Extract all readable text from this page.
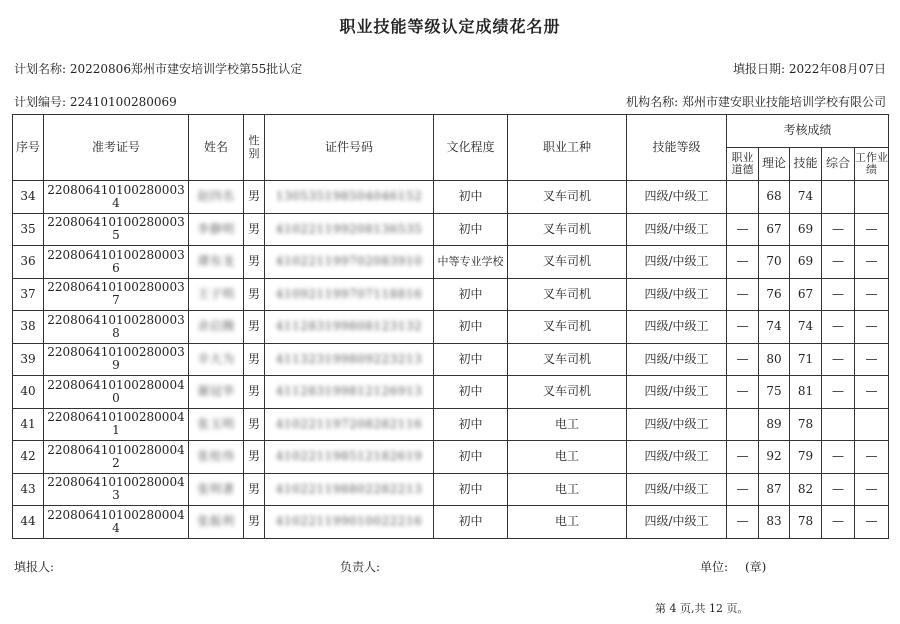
职业技能等级认定成绩花名册
计划名称: 20220806郑州市建安培训学校第55批认定	填报日期: 2022年08月07日
计划编号: 22410100280069	机构名称: 郑州市建安职业技能培训学校有限公司
序号	准考证号	姓名	性别	证件号码	文化程度	职业工种	技能等级	考核成绩				
								职业道德	理论	技能	综合	工作业绩
34	220806410100280003 4	赵四名	男	130535198504046152	初中	叉车司机	四级/中级工		68	74		
35	220806410100280003 5	李静明	男	410221199208136535	初中	叉车司机	四级/中级工	—	67	69	—	—
36	220806410100280003 6	谭有龙	男	410221199702083910	中等专业学校	叉车司机	四级/中级工	—	70	69	—	—
37	220806410100280003 7	王子明	男	410921199707118816	初中	叉车司机	四级/中级工	—	76	67	—	—
38	220806410100280003 8	余启腾	男	411283199808123132	初中	叉车司机	四级/中级工	—	74	74	—	—
39	220806410100280003 9	辛大为	男	411323199809223213	初中	叉车司机	四级/中级工	—	80	71	—	—
40	220806410100280004 0	谢冠华	男	411283199812126913	初中	叉车司机	四级/中级工	—	75	81	—	—
41	220806410100280004 1	张玉明	男	410221197208282116	初中	电工	四级/中级工		89	78		
42	220806410100280004 2	张桂伟	男	410221198512182619	初中	电工	四级/中级工	—	92	79	—	—
43	220806410100280004 3	张明著	男	410221198802282213	初中	电工	四级/中级工	—	87	82	—	—
44	220806410100280004 4	张振利	男	410221199010022216	初中	电工	四级/中级工	—	83	78	—	—
填报人:	负责人:	单位: (章)
第 4 页,共 12 页。
